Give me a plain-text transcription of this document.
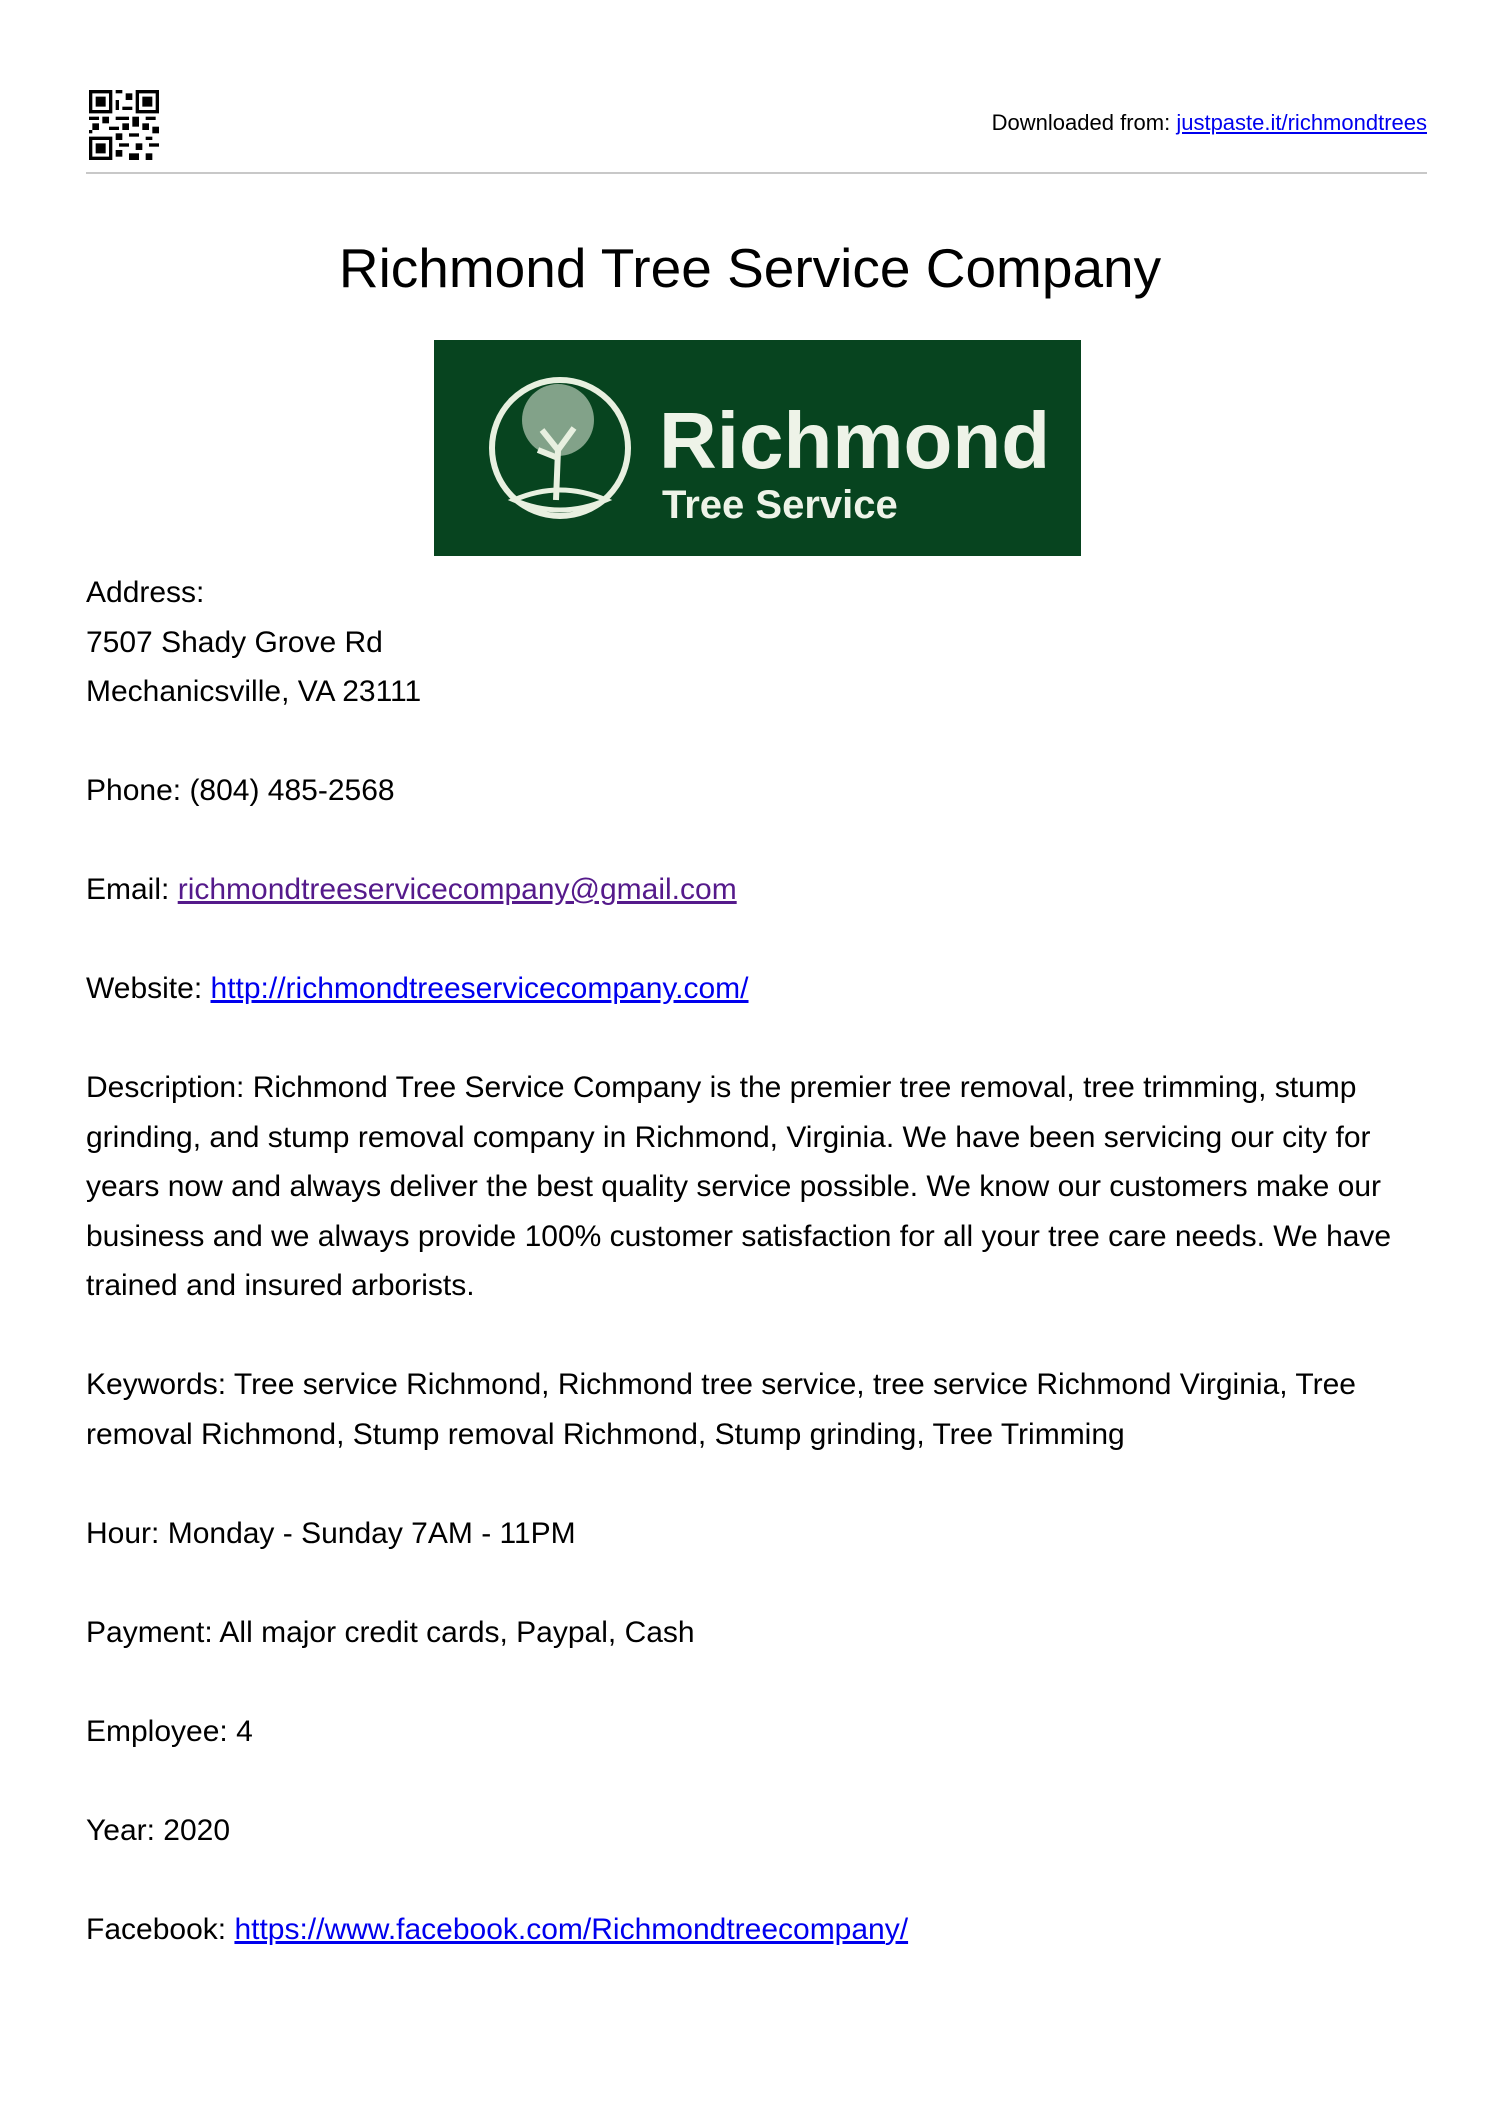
Downloaded from: justpaste.it/richmondtrees
Richmond Tree Service Company
Richmond
Tree Service

Address:
7507 Shady Grove Rd
Mechanicsville, VA 23111

Phone: (804) 485-2568

Email: richmondtreeservicecompany@gmail.com

Website: http://richmondtreeservicecompany.com/

Description: Richmond Tree Service Company is the premier tree removal, tree trimming, stump grinding, and stump removal company in Richmond, Virginia. We have been servicing our city for years now and always deliver the best quality service possible. We know our customers make our business and we always provide 100% customer satisfaction for all your tree care needs. We have trained and insured arborists.

Keywords: Tree service Richmond, Richmond tree service, tree service Richmond Virginia, Tree removal Richmond, Stump removal Richmond, Stump grinding, Tree Trimming

Hour: Monday - Sunday 7AM - 11PM

Payment: All major credit cards, Paypal, Cash

Employee: 4

Year: 2020

Facebook: https://www.facebook.com/Richmondtreecompany/
